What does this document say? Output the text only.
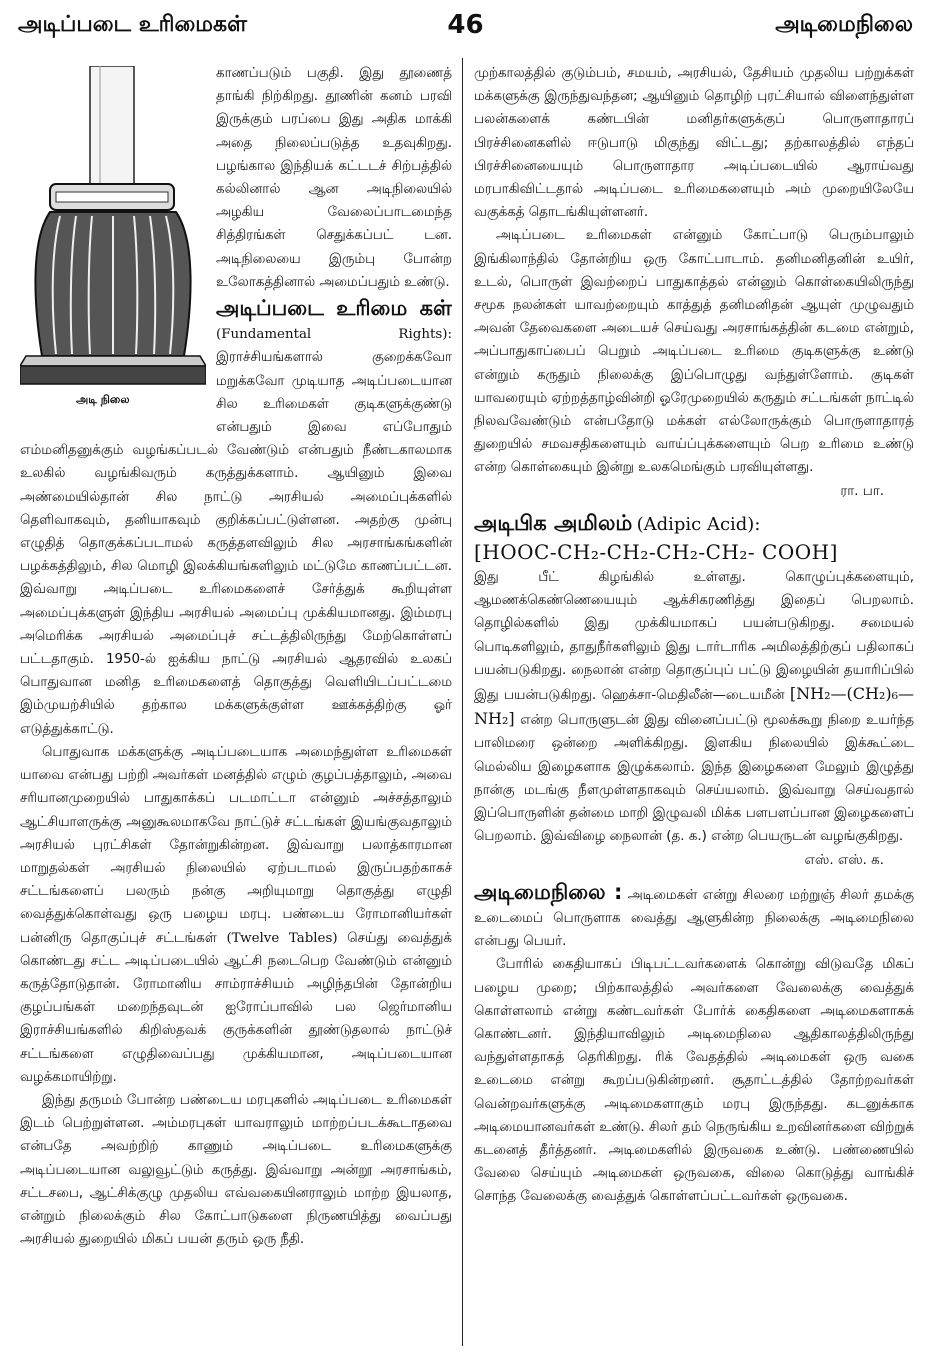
அடிப்படை உரிமைகள்	46	அடிமைநிலை
அடி நிலை

காணப்படும் பகுதி. இது தூணைத் தாங்கி நிற்கிறது. தூணின் கனம் பரவி இருக்கும் பரப்பை இது அதிக மாக்கி அதை நிலைப்படுத்த உதவுகிறது. பழங்கால இந்தியக் கட்டடச் சிற்பத்தில் கல்லினால் ஆன அடிநிலையில் அழகிய வேலைப்பாடமைந்த சித்திரங்கள் செதுக்கப்பட் டன. அடிநிலையை இரும்பு போன்ற உலோகத்தினால் அமைப்பதும் உண்டு.

அடிப்படை உரிமை கள் (Fundamental Rights): இராச்சியங்களால் குறைக்கவோ மறுக்கவோ முடியாத அடிப்படையான சில உரிமைகள் குடிகளுக்குண்டு என்பதும் இவை எப்போதும் எம்மனிதனுக்கும் வழங்கப்படல் வேண்டும் என்பதும் நீண்டகாலமாக உலகில் வழங்கிவரும் கருத்துக்களாம். ஆயினும் இவை அண்மையில்தான் சில நாட்டு அரசியல் அமைப்புக்களில் தெளிவாகவும், தனியாகவும் குறிக்கப்பட்டுள்ளன. அதற்கு முன்பு எழுதித் தொகுக்கப்படாமல் கருத்தளவிலும் சில அரசாங்கங்களின் பழக்கத்திலும், சில மொழி இலக்கியங்களிலும் மட்டுமே காணப்பட்டன. இவ்வாறு அடிப்படை உரிமைகளைச் சேர்த்துக் கூறியுள்ள அமைப்புக்களுள் இந்திய அரசியல் அமைப்பு முக்கியமானது. இம்மரபு அமெரிக்க அரசியல் அமைப்புச் சட்டத்திலிருந்து மேற்கொள்ளப் பட்டதாகும். 1950-ல் ஐக்கிய நாட்டு அரசியல் ஆதரவில் உலகப் பொதுவான மனித உரிமைகளைத் தொகுத்து வெளியிடப்பட்டமை இம்முயற்சியில் தற்கால மக்களுக்குள்ள ஊக்கத்திற்கு ஓர் எடுத்துக்காட்டு.

பொதுவாக மக்களுக்கு அடிப்படையாக அமைந்துள்ள உரிமைகள் யாவை என்பது பற்றி அவர்கள் மனத்தில் எழும் குழப்பத்தாலும், அவை சரியானமுறையில் பாதுகாக்கப் படமாட்டா என்னும் அச்சத்தாலும் ஆட்சியாளருக்கு அனுகூலமாகவே நாட்டுச் சட்டங்கள் இயங்குவதாலும் அரசியல் புரட்சிகள் தோன்றுகின்றன. இவ்வாறு பலாத்காரமான மாறுதல்கள் அரசியல் நிலையில் ஏற்படாமல் இருப்பதற்காகச் சட்டங்களைப் பலரும் நன்கு அறியுமாறு தொகுத்து எழுதி வைத்துக்கொள்வது ஒரு பழைய மரபு. பண்டைய ரோமானியர்கள் பன்னிரு தொகுப்புச் சட்டங்கள் (Twelve Tables) செய்து வைத்துக் கொண்டது சட்ட அடிப்படையில் ஆட்சி நடைபெற வேண்டும் என்னும் கருத்தோடுதான். ரோமானிய சாம்ராச்சியம் அழிந்தபின் தோன்றிய குழப்பங்கள் மறைந்தவுடன் ஐரோப்பாவில் பல ஜெர்மானிய இராச்சியங்களில் கிறிஸ்தவக் குருக்களின் தூண்டுதலால் நாட்டுச் சட்டங்களை எழுதிவைப்பது முக்கியமான, அடிப்படையான வழக்கமாயிற்று.

இந்து தருமம் போன்ற பண்டைய மரபுகளில் அடிப்படை உரிமைகள் இடம் பெற்றுள்ளன. அம்மரபுகள் யாவராலும் மாற்றப்படக்கூடாதவை என்பதே அவற்றிற் காணும் அடிப்படை உரிமைகளுக்கு அடிப்படையான வலுவூட்டும் கருத்து. இவ்வாறு அன்றூ அரசாங்கம், சட்டசபை, ஆட்சிக்குழு முதலிய எவ்வகையினராலும் மாற்ற இயலாத, என்றும் நிலைக்கும் சில கோட்பாடுகளை நிருணயித்து வைப்பது அரசியல் துறையில் மிகப் பயன் தரும் ஒரு நீதி.

முற்காலத்தில் குடும்பம், சமயம், அரசியல், தேசியம் முதலிய பற்றுக்கள் மக்களுக்கு இருந்துவந்தன; ஆயினும் தொழிற் புரட்சியால் விளைந்துள்ள பலன்களைக் கண்டபின் மனிதர்களுக்குப் பொருளாதாரப் பிரச்சினைகளில் ஈடுபாடு மிகுந்து விட்டது; தற்காலத்தில் எந்தப் பிரச்சினையையும் பொருளாதார அடிப்படையில் ஆராய்வது மரபாகிவிட்டதால் அடிப்படை உரிமைகளையும் அம் முறையிலேயே வகுக்கத் தொடங்கியுள்ளனர்.

அடிப்படை உரிமைகள் என்னும் கோட்பாடு பெரும்பாலும் இங்கிலாந்தில் தோன்றிய ஒரு கோட்பாடாம். தனிமனிதனின் உயிர், உடல், பொருள் இவற்றைப் பாதுகாத்தல் என்னும் கொள்கையிலிருந்து சமூக நலன்கள் யாவற்றையும் காத்துத் தனிமனிதன் ஆயுள் முழுவதும் அவன் தேவைகளை அடையச் செய்வது அரசாங்கத்தின் கடமை என்றும், அப்பாதுகாப்பைப் பெறும் அடிப்படை உரிமை குடிகளுக்கு உண்டு என்றும் கருதும் நிலைக்கு இப்பொழுது வந்துள்ளோம். குடிகள் யாவரையும் ஏற்றத்தாழ்வின்றி ஓரேமுறையில் கருதும் சட்டங்கள் நாட்டில் நிலவவேண்டும் என்பதோடு மக்கள் எல்லோருக்கும் பொருளாதாரத் துறையில் சமவசதிகளையும் வாய்ப்புக்களையும் பெற உரிமை உண்டு என்ற கொள்கையும் இன்று உலகமெங்கும் பரவியுள்ளது.

ரா. பா.
அடிபிக அமிலம் (Adipic Acid):
[HOOC-CH₂-CH₂-CH₂-CH₂- COOH]

இது பீட் கிழங்கில் உள்ளது. கொழுப்புக்களையும், ஆமணக்கெண்ணெயையும் ஆக்சிகரணித்து இதைப் பெறலாம். தொழில்களில் இது முக்கியமாகப் பயன்படுகிறது. சமையல் பொடிகளிலும், தாதுநீர்களிலும் இது டார்டாரிக அமிலத்திற்குப் பதிலாகப் பயன்படுகிறது. நைலான் என்ற தொகுப்புப் பட்டு இழையின் தயாரிப்பில் இது பயன்படுகிறது. ஹெக்சா-மெதிலீன்—டையமீன் [NH₂—(CH₂)₆—NH₂] என்ற பொருளுடன் இது வினைப்பட்டு மூலக்கூறு நிறை உயர்ந்த பாலிமரை ஒன்றை அளிக்கிறது. இளகிய நிலையில் இக்கூட்டை மெல்லிய இழைகளாக இழுக்கலாம். இந்த இழைகளை மேலும் இழுத்து நான்கு மடங்கு நீளமுள்ளதாகவும் செய்யலாம். இவ்வாறு செய்வதால் இப்பொருளின் தன்மை மாறி இழுவலி மிக்க பளபளப்பான இழைகளைப் பெறலாம். இவ்விழை நைலான் (த. க.) என்ற பெயருடன் வழங்குகிறது.

எஸ். எஸ். க.

அடிமைநிலை : அடிமைகள் என்று சிலரை மற்றுஞ் சிலர் தமக்கு உடைமைப் பொருளாக வைத்து ஆளுகின்ற நிலைக்கு அடிமைநிலை என்பது பெயர்.

போரில் கைதியாகப் பிடிபட்டவர்களைக் கொன்று விடுவதே மிகப் பழைய முறை; பிற்காலத்தில் அவர்களை வேலைக்கு வைத்துக் கொள்ளலாம் என்று கண்டவர்கள் போர்க் கைதிகளை அடிமைகளாகக் கொண்டனர். இந்தியாவிலும் அடிமைநிலை ஆதிகாலத்திலிருந்து வந்துள்ளதாகத் தெரிகிறது. ரிக் வேதத்தில் அடிமைகள் ஒரு வகை உடைமை என்று கூறப்படுகின்றனர். சூதாட்டத்தில் தோற்றவர்கள் வென்றவர்களுக்கு அடிமைகளாகும் மரபு இருந்தது. கடனுக்காக அடிமையானவர்கள் உண்டு. சிலர் தம் நெருங்கிய உறவினர்களை விற்றுக் கடனைத் தீர்த்தனர். அடிமைகளில் இருவகை உண்டு. பண்ணையில் வேலை செய்யும் அடிமைகள் ஒருவகை, விலை கொடுத்து வாங்கிச் சொந்த வேலைக்கு வைத்துக் கொள்ளப்பட்டவர்கள் ஒருவகை.
